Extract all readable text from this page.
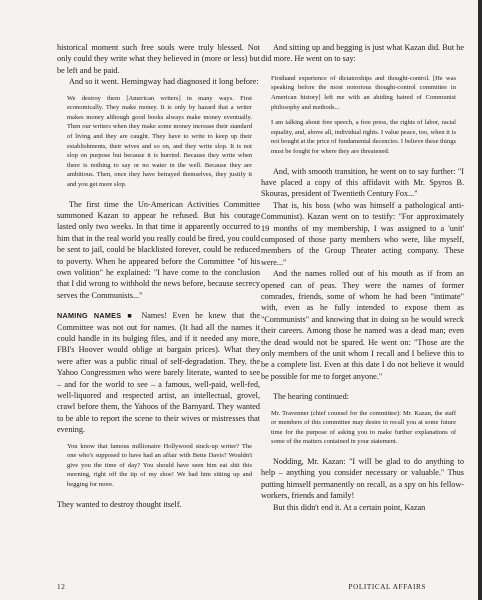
historical moment such free souls were truly blessed. Not only could they write what they believed in (more or less) but be left and be paid.

And so it went. Hemingway had diagnosed it long before:

We destroy them [American writers] in many ways. First economically. They make money. It is only by hazard that a writer makes money although good books always make money eventually. Then our writers when they make some money increase their standard of living and they are caught. They have to write to keep up their establishments, their wives and so on, and they write slop. It is not slop on purpose but because it is hurried. Because they write when there is nothing to say or no water in the well. Because they are ambitious. Then, once they have betrayed themselves, they justify it and you get more slop.

The first time the Un-American Activities Committee summoned Kazan to appear he refused. But his courage lasted only two weeks. In that time it apparently occurred to him that in the real world you really could be fired, you could be sent to jail, could be blacklisted forever, could be reduced to poverty. When he appeared before the Committee "of his own volition" he explained: "I have come to the conclusion that I did wrong to withhold the news before, because secrecy serves the Communists..."

NAMING NAMES ■ Names! Even he knew that the Committee was not out for names. (It had all the names it could handle in its bulging files, and if it needed any more, FBI's Hoover would oblige at bargain prices). What they were after was a public ritual of self-degradation. They, the Yahoo Congressmen who were barely literate, wanted to see – and for the world to see – a famous, well-paid, well-fed, well-liquored and respected artist, an intellectual, grovel, crawl before them, the Yahoos of the Barnyard. They wanted to be able to report the scene to their wives or mistresses that evening.

You know that famous millionaire Hollywood stuck-up writer? The one who's supposed to have had an affair with Bette Davis? Wouldn't give you the time of day? You should have seen him eat shit this morning, right off the tip of my shoe! We had him sitting up and begging for more.

They wanted to destroy thought itself.

And sitting up and begging is just what Kazan did. But he did more. He went on to say:

Firsthand experience of dictatorships and thought-control. [He was speaking before the most notorious thought-control committee in American history] left me with an abiding hatred of Communist philosophy and methods...

I am talking about free speech, a free press, the rights of labor, racial equality, and, above all, individual rights. I value peace, too, when it is not bought at the price of fundamental decencies. I believe these things must be fought for where they are threatened.

And, with smooth transition, he went on to say further: "I have placed a copy of this affidavit with Mr. Spyros B. Skouras, president of Twentieth Century Fox..."

That is, his boss (who was himself a pathological anti-Communist). Kazan went on to testify: "For approximately 19 months of my membership, I was assigned to a 'unit' composed of those party members who were, like myself, members of the Group Theater acting company. These were..."

And the names rolled out of his mouth as if from an opened can of peas. They were the names of former comrades, friends, some of whom he had been "intimate" with, even as he fully intended to expose them as "Communists" and knowing that in doing so he would wreck their careers. Among those he named was a dead man; even the dead would not be spared. He went on: "Those are the only members of the unit whom I recall and I believe this to be a complete list. Even at this date I do not believe it would be possible for me to forget anyone."

The hearing continued:

Mr. Travenner (chief counsel for the committee): Mr. Kazan, the staff or members of this committee may desire to recall you at some future time for the purpose of asking you to make further explanations of some of the matters contained in your statement.

Nodding, Mr. Kazan: "I will be glad to do anything to help – anything you consider necessary or valuable." Thus putting himself permanently on recall, as a spy on his fellow-workers, friends and family!

But this didn't end it. At a certain point, Kazan

12	POLITICAL AFFAIRS
